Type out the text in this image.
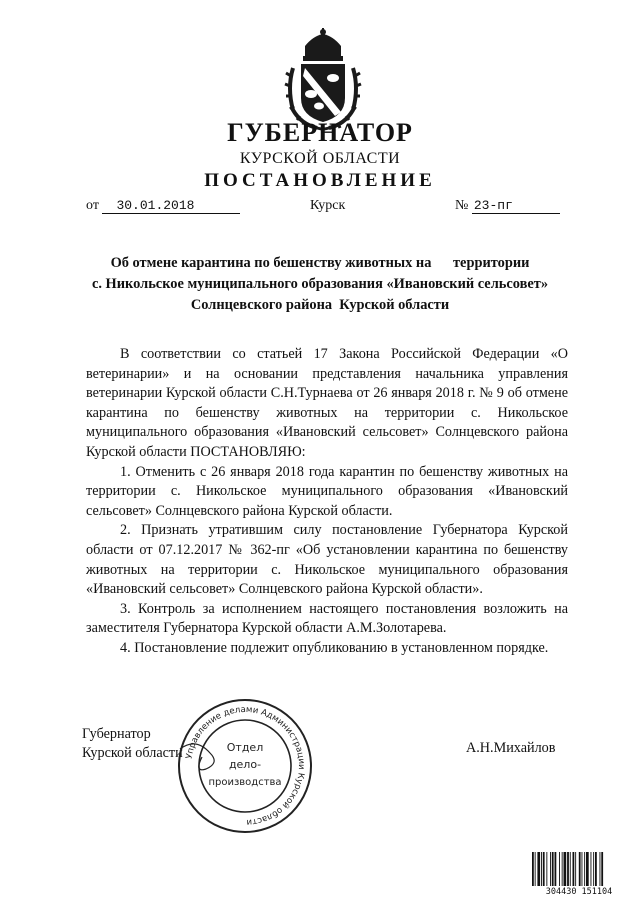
ГУБЕРНАТОР
КУРСКОЙ ОБЛАСТИ
ПОСТАНОВЛЕНИЕ
от 30.01.2018	Курск	№ 23-пг
Об отмене карантина по бешенству животных на      территории
с. Никольское муниципального образования «Ивановский сельсовет»
Солнцевского района  Курской области

В соответствии со статьей 17 Закона Российской Федерации «О ветеринарии» и на основании представления начальника управления ветеринарии Курской области С.Н.Турнаева от 26 января 2018 г. № 9 об отмене карантина по бешенству животных на территории с. Никольское муниципального образования «Ивановский сельсовет» Солнцевского района Курской области ПОСТАНОВЛЯЮ:

1. Отменить с 26 января 2018 года карантин по бешенству животных на территории с. Никольское муниципального образования «Ивановский сельсовет» Солнцевского района Курской области.

2. Признать утратившим силу постановление Губернатора Курской области от 07.12.2017 № 362-пг «Об установлении карантина по бешенству животных на территории с. Никольское муниципального образования «Ивановский сельсовет» Солнцевского района Курской области».

3. Контроль за исполнением настоящего постановления возложить на заместителя Губернатора Курской области А.М.Золотарева.

4. Постановление подлежит опубликованию в установленном порядке.

Губернатор
Курской области	А.Н.Михайлов
Управление делами Администрации Курской области
Отдел
дело-
производства
304430 151104
